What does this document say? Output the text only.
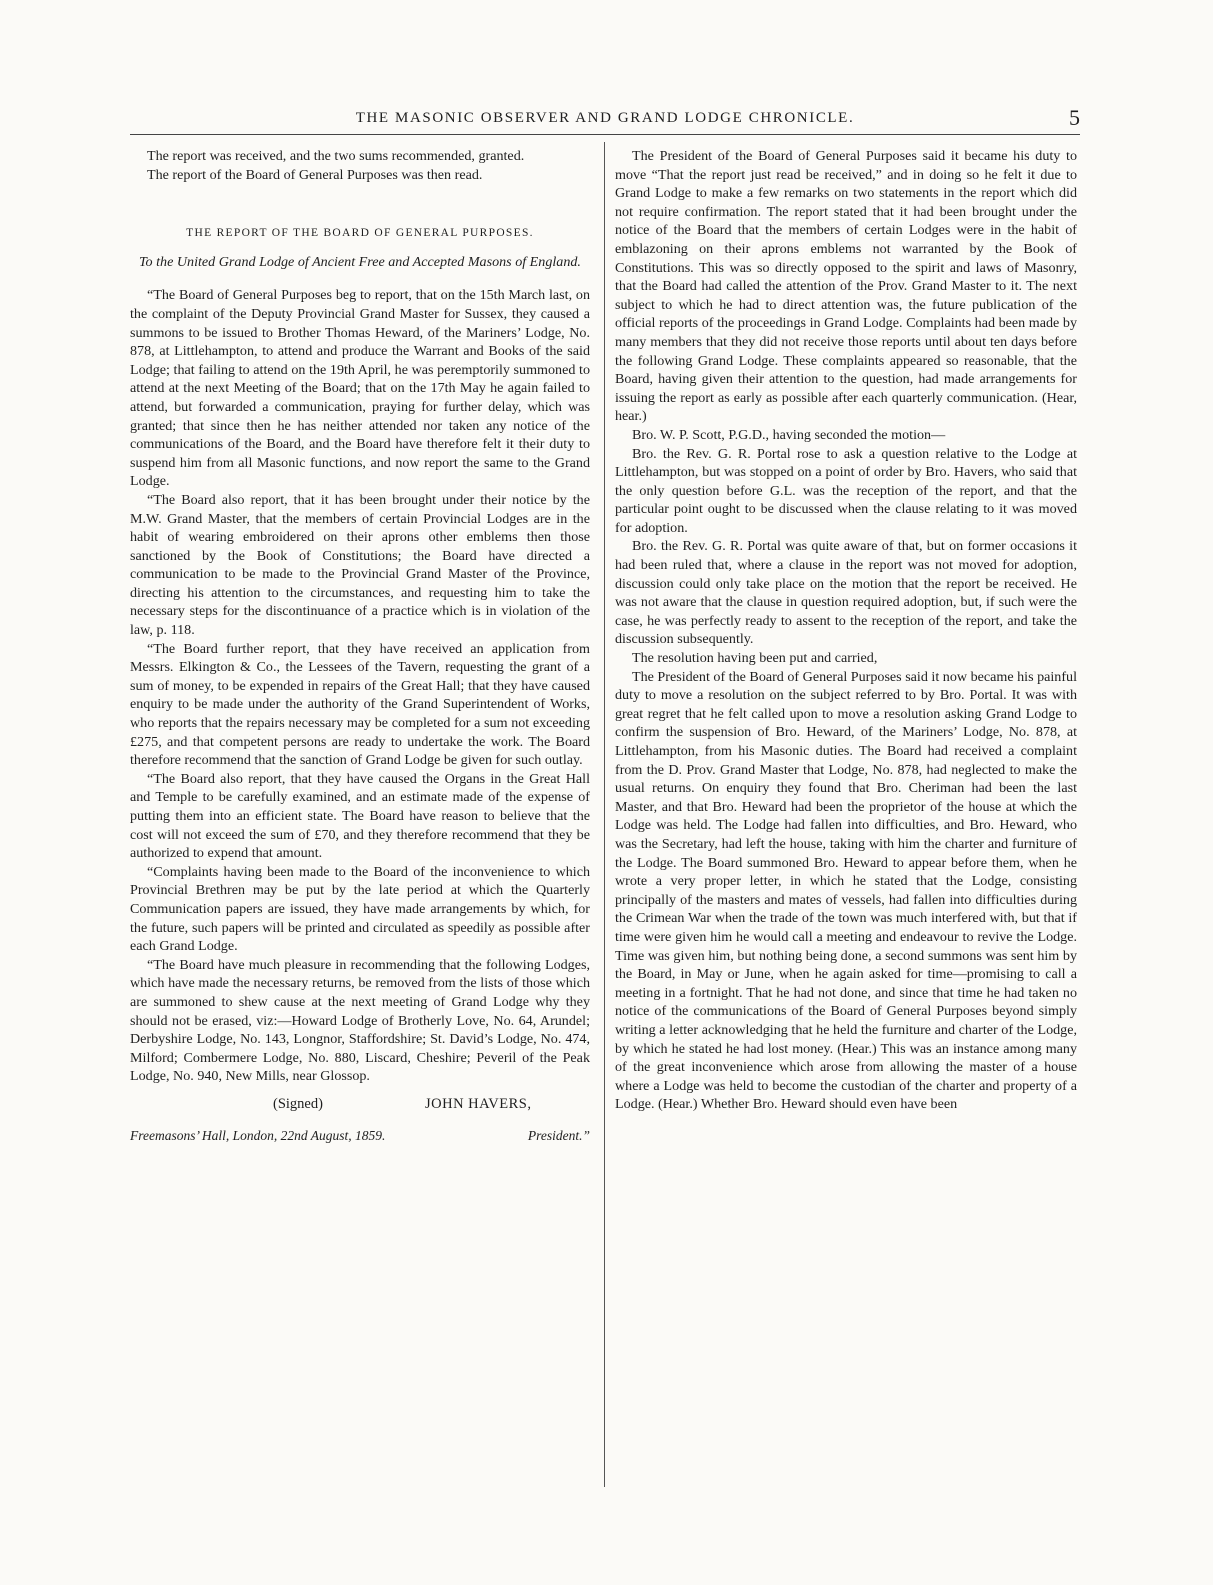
THE MASONIC OBSERVER AND GRAND LODGE CHRONICLE.	5

The report was received, and the two sums recommended, granted.

The report of the Board of General Purposes was then read.

THE REPORT OF THE BOARD OF GENERAL PURPOSES.
To the United Grand Lodge of Ancient Free and Accepted Masons of England.

“The Board of General Purposes beg to report, that on the 15th March last, on the complaint of the Deputy Provincial Grand Master for Sussex, they caused a summons to be issued to Brother Thomas Heward, of the Mariners’ Lodge, No. 878, at Littlehampton, to attend and produce the Warrant and Books of the said Lodge; that failing to attend on the 19th April, he was peremptorily summoned to attend at the next Meeting of the Board; that on the 17th May he again failed to attend, but forwarded a communication, praying for further delay, which was granted; that since then he has neither attended nor taken any notice of the communications of the Board, and the Board have therefore felt it their duty to suspend him from all Masonic functions, and now report the same to the Grand Lodge.

“The Board also report, that it has been brought under their notice by the M.W. Grand Master, that the members of certain Provincial Lodges are in the habit of wearing embroidered on their aprons other emblems then those sanctioned by the Book of Constitutions; the Board have directed a communication to be made to the Provincial Grand Master of the Province, directing his attention to the circumstances, and requesting him to take the necessary steps for the discontinuance of a practice which is in violation of the law, p. 118.

“The Board further report, that they have received an application from Messrs. Elkington & Co., the Lessees of the Tavern, requesting the grant of a sum of money, to be expended in repairs of the Great Hall; that they have caused enquiry to be made under the authority of the Grand Superintendent of Works, who reports that the repairs necessary may be completed for a sum not exceeding £275, and that competent persons are ready to undertake the work. The Board therefore recommend that the sanction of Grand Lodge be given for such outlay.

“The Board also report, that they have caused the Organs in the Great Hall and Temple to be carefully examined, and an estimate made of the expense of putting them into an efficient state. The Board have reason to believe that the cost will not exceed the sum of £70, and they therefore recommend that they be authorized to expend that amount.

“Complaints having been made to the Board of the inconvenience to which Provincial Brethren may be put by the late period at which the Quarterly Communication papers are issued, they have made arrangements by which, for the future, such papers will be printed and circulated as speedily as possible after each Grand Lodge.

“The Board have much pleasure in recommending that the following Lodges, which have made the necessary returns, be removed from the lists of those which are summoned to shew cause at the next meeting of Grand Lodge why they should not be erased, viz:—Howard Lodge of Brotherly Love, No. 64, Arundel; Derbyshire Lodge, No. 143, Longnor, Staffordshire; St. David’s Lodge, No. 474, Milford; Combermere Lodge, No. 880, Liscard, Cheshire; Peveril of the Peak Lodge, No. 940, New Mills, near Glossop.

(Signed)	JOHN HAVERS,
Freemasons’ Hall, London, 22nd August, 1859.	President.”

The President of the Board of General Purposes said it became his duty to move “That the report just read be received,” and in doing so he felt it due to Grand Lodge to make a few remarks on two statements in the report which did not require confirmation. The report stated that it had been brought under the notice of the Board that the members of certain Lodges were in the habit of emblazoning on their aprons emblems not warranted by the Book of Constitutions. This was so directly opposed to the spirit and laws of Masonry, that the Board had called the attention of the Prov. Grand Master to it. The next subject to which he had to direct attention was, the future publication of the official reports of the proceedings in Grand Lodge. Complaints had been made by many members that they did not receive those reports until about ten days before the following Grand Lodge. These complaints appeared so reasonable, that the Board, having given their attention to the question, had made arrangements for issuing the report as early as possible after each quarterly communication. (Hear, hear.)

Bro. W. P. Scott, P.G.D., having seconded the motion—

Bro. the Rev. G. R. Portal rose to ask a question relative to the Lodge at Littlehampton, but was stopped on a point of order by Bro. Havers, who said that the only question before G.L. was the reception of the report, and that the particular point ought to be discussed when the clause relating to it was moved for adoption.

Bro. the Rev. G. R. Portal was quite aware of that, but on former occasions it had been ruled that, where a clause in the report was not moved for adoption, discussion could only take place on the motion that the report be received. He was not aware that the clause in question required adoption, but, if such were the case, he was perfectly ready to assent to the reception of the report, and take the discussion subsequently.

The resolution having been put and carried,

The President of the Board of General Purposes said it now became his painful duty to move a resolution on the subject referred to by Bro. Portal. It was with great regret that he felt called upon to move a resolution asking Grand Lodge to confirm the suspension of Bro. Heward, of the Mariners’ Lodge, No. 878, at Littlehampton, from his Masonic duties. The Board had received a complaint from the D. Prov. Grand Master that Lodge, No. 878, had neglected to make the usual returns. On enquiry they found that Bro. Cheriman had been the last Master, and that Bro. Heward had been the proprietor of the house at which the Lodge was held. The Lodge had fallen into difficulties, and Bro. Heward, who was the Secretary, had left the house, taking with him the charter and furniture of the Lodge. The Board summoned Bro. Heward to appear before them, when he wrote a very proper letter, in which he stated that the Lodge, consisting principally of the masters and mates of vessels, had fallen into difficulties during the Crimean War when the trade of the town was much interfered with, but that if time were given him he would call a meeting and endeavour to revive the Lodge. Time was given him, but nothing being done, a second summons was sent him by the Board, in May or June, when he again asked for time—promising to call a meeting in a fortnight. That he had not done, and since that time he had taken no notice of the communications of the Board of General Purposes beyond simply writing a letter acknowledging that he held the furniture and charter of the Lodge, by which he stated he had lost money. (Hear.) This was an instance among many of the great inconvenience which arose from allowing the master of a house where a Lodge was held to become the custodian of the charter and property of a Lodge. (Hear.) Whether Bro. Heward should even have been
